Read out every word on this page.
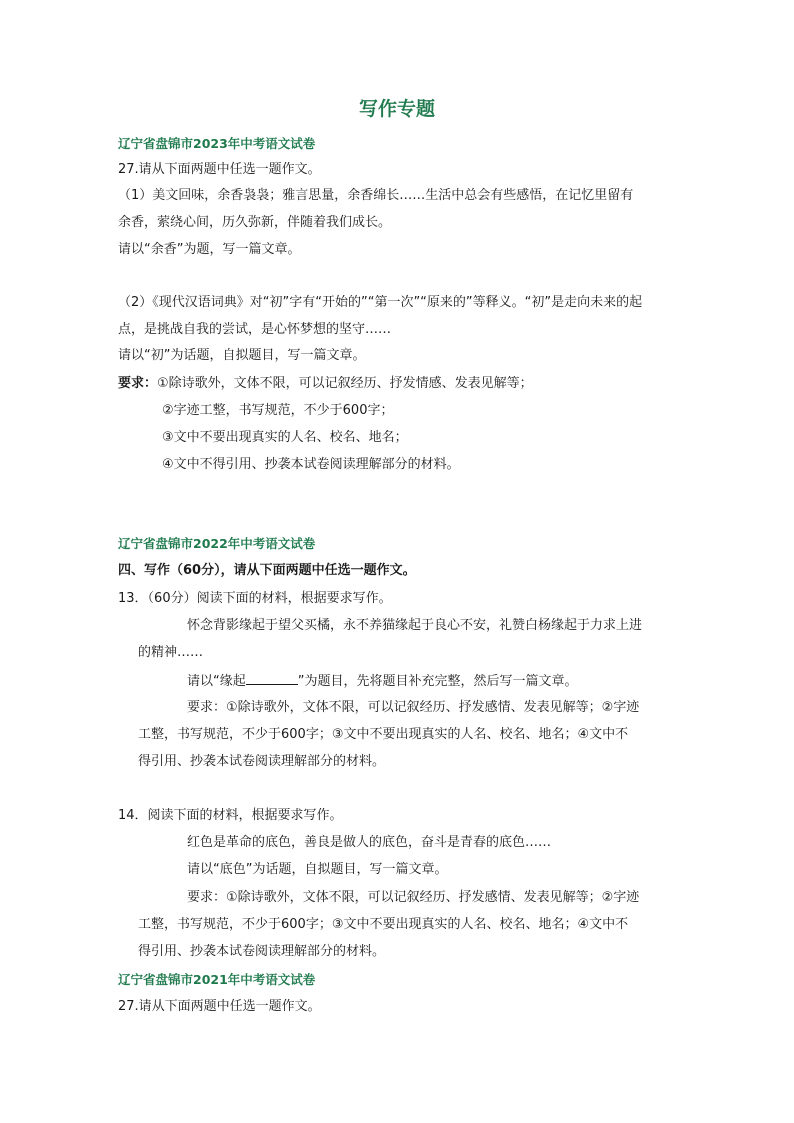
写作专题
辽宁省盘锦市2023年中考语文试卷
27.请从下面两题中任选一题作文。
（1）美文回味，余香袅袅；雅言思量，余香绵长……生活中总会有些感悟，在记忆里留有
余香，萦绕心间，历久弥新，伴随着我们成长。
请以“余香”为题，写一篇文章。
（2）《现代汉语词典》对“初”字有“开始的”“第一次”“原来的”等释义。“初”是走向未来的起
点，是挑战自我的尝试，是心怀梦想的坚守……
请以“初”为话题，自拟题目，写一篇文章。
要求：①除诗歌外，文体不限，可以记叙经历、抒发情感、发表见解等；
②字迹工整，书写规范，不少于600字；
③文中不要出现真实的人名、校名、地名；
④文中不得引用、抄袭本试卷阅读理解部分的材料。
辽宁省盘锦市2022年中考语文试卷
四、写作（60分），请从下面两题中任选一题作文。
13．（60分）阅读下面的材料，根据要求写作。
怀念背影缘起于望父买橘，永不养猫缘起于良心不安，礼赞白杨缘起于力求上进
的精神……
请以“缘起	”为题目，先将题目补充完整，然后写一篇文章。
要求：①除诗歌外，文体不限，可以记叙经历、抒发感情、发表见解等；②字迹
工整，书写规范，不少于600字；③文中不要出现真实的人名、校名、地名；④文中不
得引用、抄袭本试卷阅读理解部分的材料。
14．阅读下面的材料，根据要求写作。
红色是革命的底色，善良是做人的底色，奋斗是青春的底色……
请以“底色”为话题，自拟题目，写一篇文章。
要求：①除诗歌外，文体不限，可以记叙经历、抒发感情、发表见解等；②字迹
工整，书写规范，不少于600字；③文中不要出现真实的人名、校名、地名；④文中不
得引用、抄袭本试卷阅读理解部分的材料。
辽宁省盘锦市2021年中考语文试卷
27.请从下面两题中任选一题作文。
